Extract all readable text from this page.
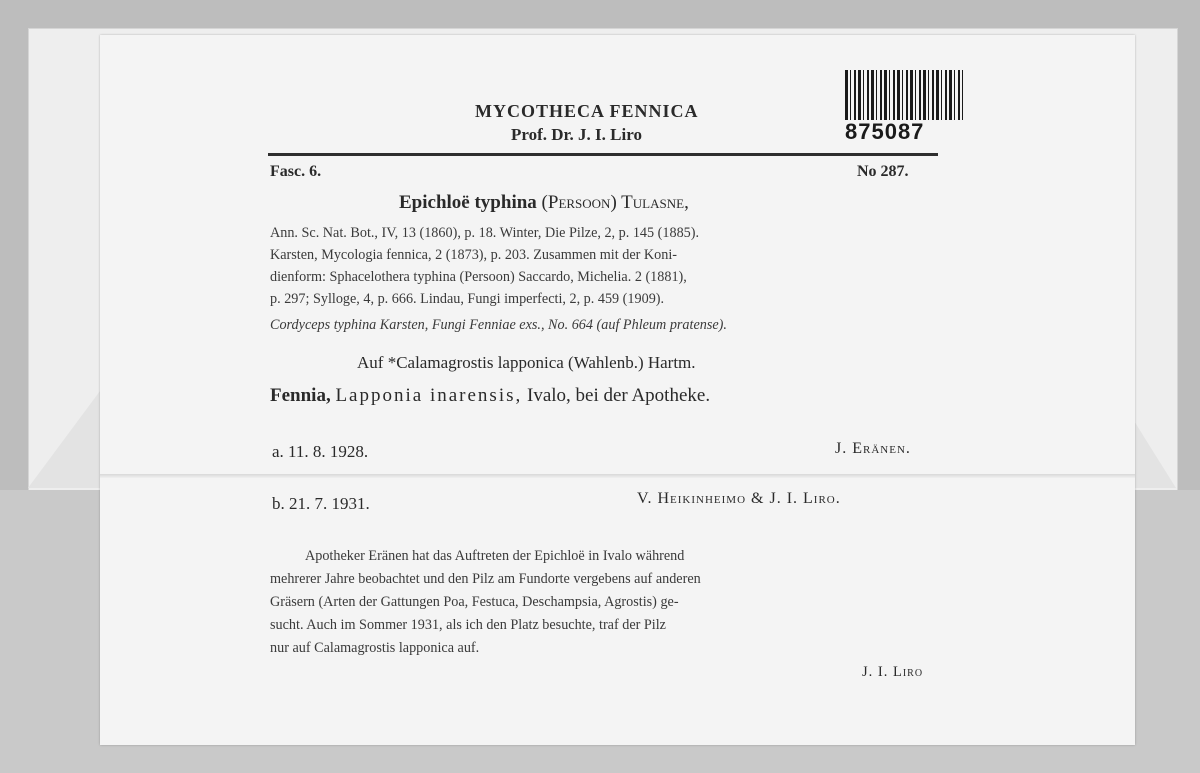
MYCOTHECA FENNICA
Prof. Dr. J. I. Liro	875087
Fasc. 6.	No 287.
Epichloë typhina (Persoon) Tulasne,
Ann. Sc. Nat. Bot., IV, 13 (1860), p. 18. Winter, Die Pilze, 2, p. 145 (1885).
Karsten, Mycologia fennica, 2 (1873), p. 203. Zusammen mit der Koni-
dienform: Sphacelothera typhina (Persoon) Saccardo, Michelia. 2 (1881),
p. 297; Sylloge, 4, p. 666. Lindau, Fungi imperfecti, 2, p. 459 (1909).
Cordyceps typhina Karsten, Fungi Fenniae exs., No. 664 (auf Phleum pratense).
Auf *Calamagrostis lapponica (Wahlenb.) Hartm.
Fennia, Lapponia inarensis, Ivalo, bei der Apotheke.
a. 11. 8. 1928.	J. Eränen.
b. 21. 7. 1931.	V. Heikinheimo & J. I. Liro.
Apotheker Eränen hat das Auftreten der Epichloë in Ivalo während
mehrerer Jahre beobachtet und den Pilz am Fundorte vergebens auf anderen
Gräsern (Arten der Gattungen Poa, Festuca, Deschampsia, Agrostis) ge-
sucht. Auch im Sommer 1931, als ich den Platz besuchte, traf der Pilz
nur auf Calamagrostis lapponica auf.
J. I. Liro
